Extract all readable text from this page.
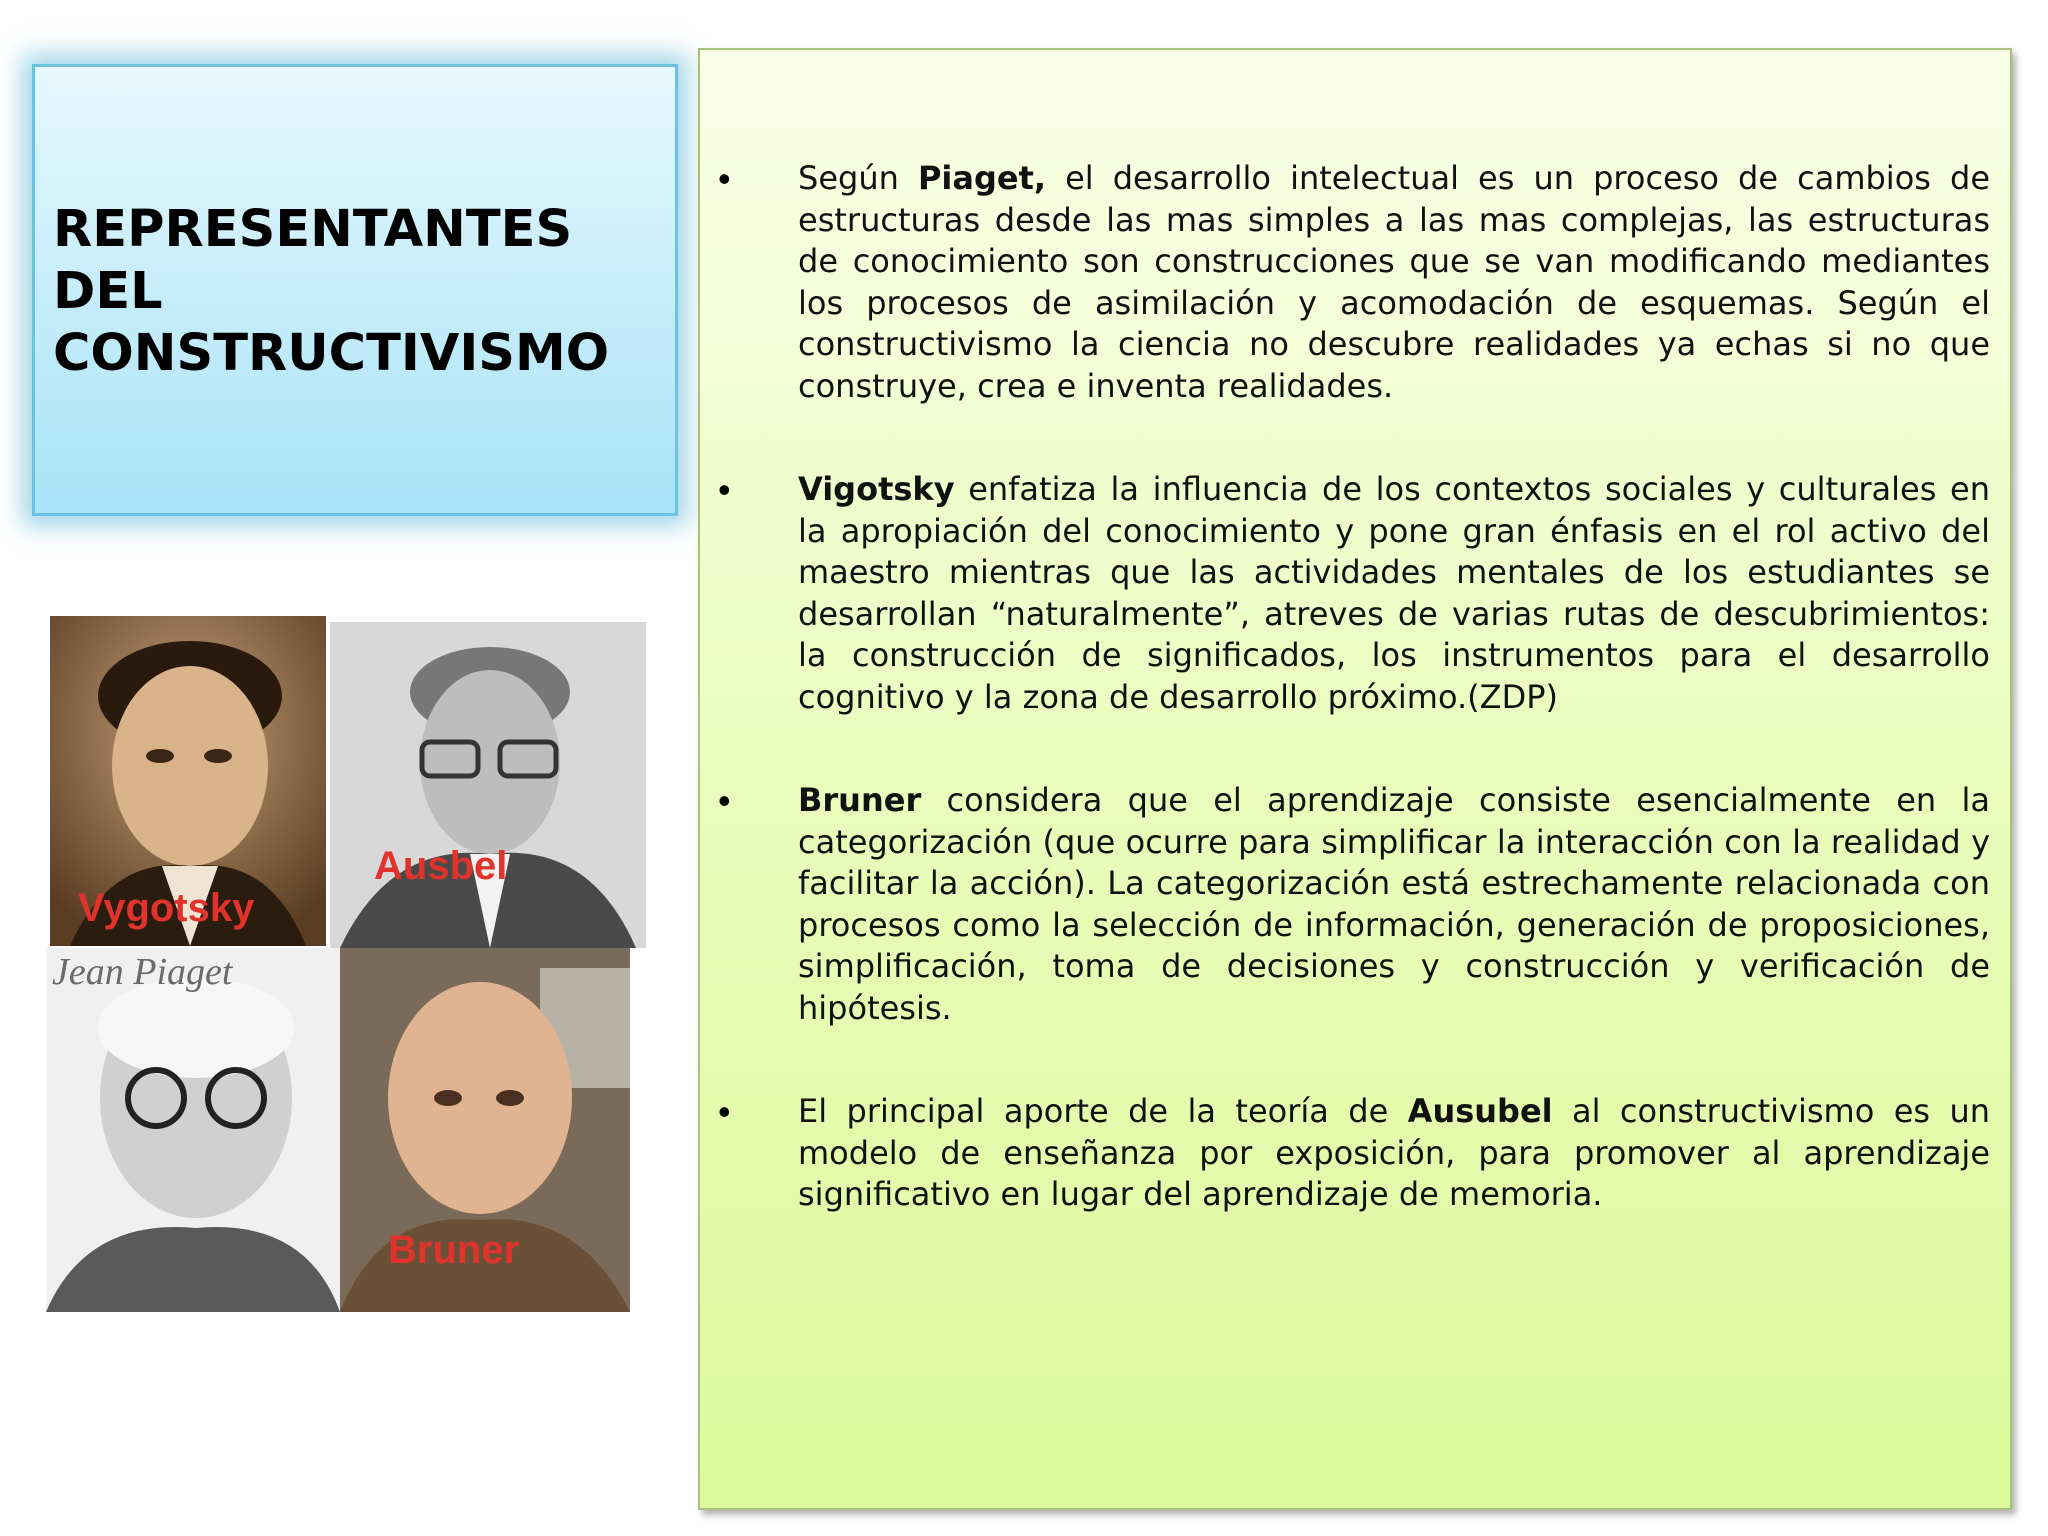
REPRESENTANTES
DEL
CONSTRUCTIVISMO
Vygotsky
Ausbel
Jean Piaget
Bruner
• Según Piaget, el desarrollo intelectual es un proceso de cambios de estructuras desde las mas simples a las mas complejas, las estructuras de conocimiento son construcciones que se van modificando mediantes los procesos de asimilación y acomodación de esquemas. Según el constructivismo la ciencia no descubre realidades ya echas si no que construye, crea e inventa realidades.
• Vigotsky enfatiza la influencia de los contextos sociales y culturales en la apropiación del conocimiento y pone gran énfasis en el rol activo del maestro mientras que las actividades mentales de los estudiantes se desarrollan “naturalmente”, atreves de varias rutas de descubrimientos: la construcción de significados, los instrumentos para el desarrollo cognitivo y la zona de desarrollo próximo.(ZDP)
• Bruner considera que el aprendizaje consiste esencialmente en la categorización (que ocurre para simplificar la interacción con la realidad y facilitar la acción). La categorización está estrechamente relacionada con procesos como la selección de información, generación de proposiciones, simplificación, toma de decisiones y construcción y verificación de hipótesis.
• El principal aporte de la teoría de Ausubel al constructivismo es un modelo de enseñanza por exposición, para promover al aprendizaje significativo en lugar del aprendizaje de memoria.
